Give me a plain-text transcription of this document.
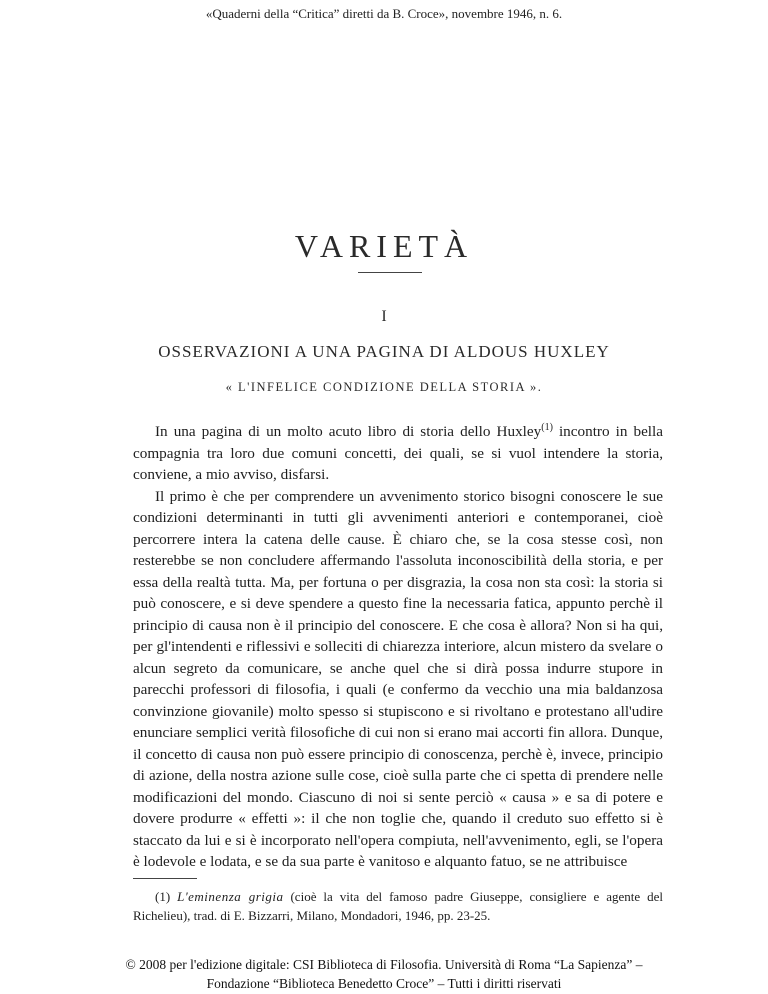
«Quaderni della “Critica” diretti da B. Croce», novembre 1946, n. 6.
VARIETÀ
I
OSSERVAZIONI A UNA PAGINA DI ALDOUS HUXLEY
« L'INFELICE CONDIZIONE DELLA STORIA ».

In una pagina di un molto acuto libro di storia dello Huxley$^{(1)}$ incontro in bella compagnia tra loro due comuni concetti, dei quali, se si vuol intendere la storia, conviene, a mio avviso, disfarsi.

Il primo è che per comprendere un avvenimento storico bisogni conoscere le sue condizioni determinanti in tutti gli avvenimenti anteriori e contemporanei, cioè percorrere intera la catena delle cause. È chiaro che, se la cosa stesse così, non resterebbe se non concludere affermando l'assoluta inconoscibilità della storia, e per essa della realtà tutta. Ma, per fortuna o per disgrazia, la cosa non sta così: la storia si può conoscere, e si deve spendere a questo fine la necessaria fatica, appunto perchè il principio di causa non è il principio del conoscere. E che cosa è allora? Non si ha qui, per gl'intendenti e riflessivi e solleciti di chiarezza interiore, alcun mistero da svelare o alcun segreto da comunicare, se anche quel che si dirà possa indurre stupore in parecchi professori di filosofia, i quali (e confermo da vecchio una mia baldanzosa convinzione giovanile) molto spesso si stupiscono e si rivoltano e protestano all'udire enunciare semplici verità filosofiche di cui non si erano mai accorti fin allora. Dunque, il concetto di causa non può essere principio di conoscenza, perchè è, invece, principio di azione, della nostra azione sulle cose, cioè sulla parte che ci spetta di prendere nelle modificazioni del mondo. Ciascuno di noi si sente perciò « causa » e sa di potere e dovere produrre « effetti »: il che non toglie che, quando il creduto suo effetto si è staccato da lui e si è incorporato nell'opera compiuta, nell'avvenimento, egli, se l'opera è lodevole e lodata, e se da sua parte è vanitoso e alquanto fatuo, se ne attribuisce

(1) L'eminenza grigia (cioè la vita del famoso padre Giuseppe, consigliere e agente del Richelieu), trad. di E. Bizzarri, Milano, Mondadori, 1946, pp. 23-25.
© 2008 per l'edizione digitale: CSI Biblioteca di Filosofia. Università di Roma “La Sapienza” –
Fondazione “Biblioteca Benedetto Croce” – Tutti i diritti riservati
